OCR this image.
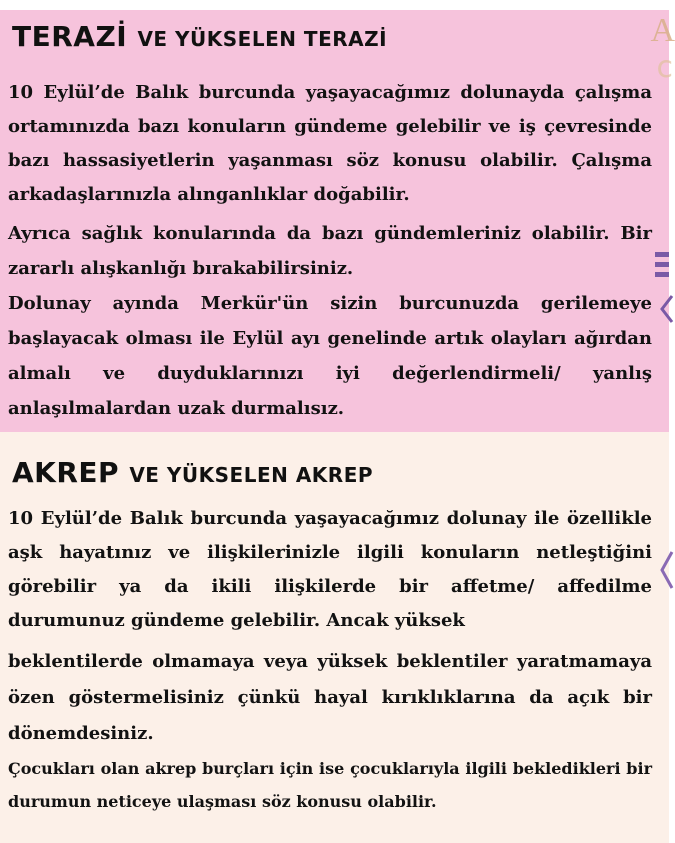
A
ⅽ
TERAZİ VE YÜKSELEN TERAZİ

10 Eylül’de Balık burcunda yaşayacağımız dolunayda çalışma ortamınızda bazı konuların gündeme gelebilir ve iş çevresinde bazı hassasiyetlerin yaşanması söz konusu olabilir. Çalışma arkadaşlarınızla alınganlıklar doğabilir.

Ayrıca sağlık konularında da bazı gündemleriniz olabilir. Bir zararlı alışkanlığı bırakabilirsiniz.

Dolunay ayında Merkür'ün sizin burcunuzda gerilemeye başlayacak olması ile Eylül ayı genelinde artık olayları ağırdan almalı ve duyduklarınızı iyi değerlendirmeli/ yanlış anlaşılmalardan uzak durmalısız.

AKREP VE YÜKSELEN AKREP

10 Eylül’de Balık burcunda yaşayacağımız dolunay ile özellikle aşk hayatınız ve ilişkilerinizle ilgili konuların netleştiğini görebilir ya da ikili ilişkilerde bir affetme/ affedilme durumunuz gündeme gelebilir. Ancak yüksek

beklentilerde olmamaya veya yüksek beklentiler yaratmamaya özen göstermelisiniz çünkü hayal kırıklıklarına da açık bir dönemdesiniz.

Çocukları olan akrep burçları için ise çocuklarıyla ilgili bekledikleri bir durumun neticeye ulaşması söz konusu olabilir.
